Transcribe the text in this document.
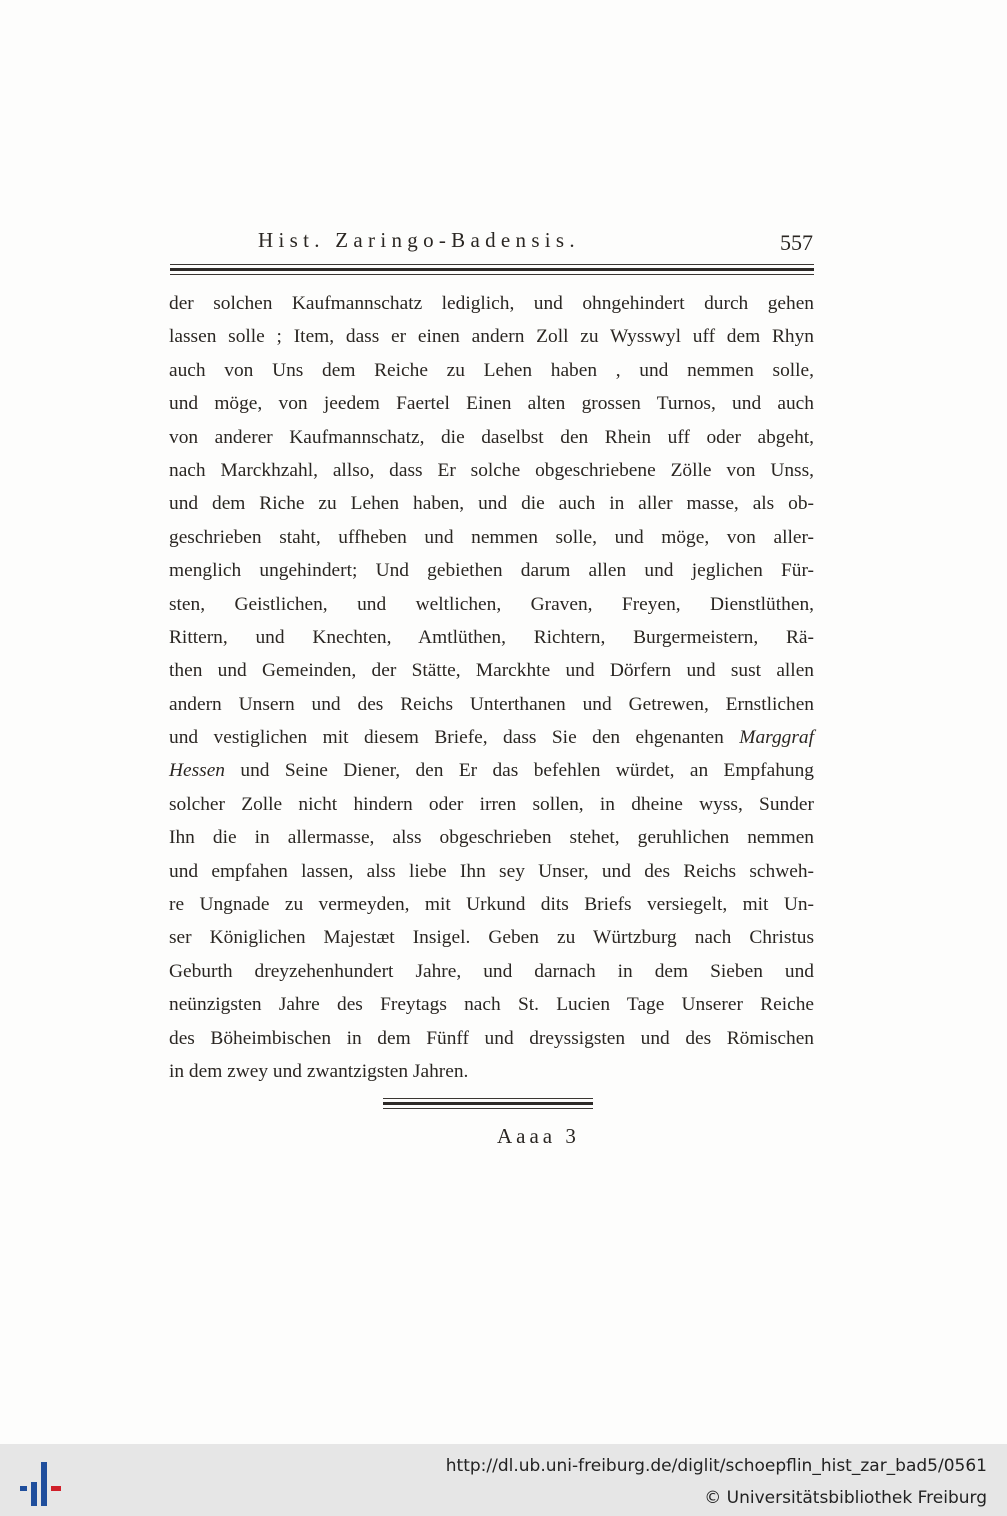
Hist. Zaringo-Badensis.	557
der solchen Kaufmannschatz lediglich, und ohngehindert durch gehen
lassen solle ; Item, dass er einen andern Zoll zu Wysswyl uff dem Rhyn
auch von Uns dem Reiche zu Lehen haben , und nemmen solle,
und möge, von jeedem Faertel Einen alten grossen Turnos, und auch
von anderer Kaufmannschatz, die daselbst den Rhein uff oder abgeht,
nach Marckhzahl, allso, dass Er solche obgeschriebene Zölle von Unss,
und dem Riche zu Lehen haben, und die auch in aller masse, als ob-
geschrieben staht, uffheben und nemmen solle, und möge, von aller-
menglich ungehindert; Und gebiethen darum allen und jeglichen Für-
sten, Geistlichen, und weltlichen, Graven, Freyen, Dienstlüthen,
Rittern, und Knechten, Amtlüthen, Richtern, Burgermeistern, Rä-
then und Gemeinden, der Stätte, Marckhte und Dörfern und sust allen
andern Unsern und des Reichs Unterthanen und Getrewen, Ernstlichen
und vestiglichen mit diesem Briefe, dass Sie den ehgenanten Marggraf
Hessen und Seine Diener, den Er das befehlen würdet, an Empfahung
solcher Zolle nicht hindern oder irren sollen, in dheine wyss, Sunder
Ihn die in allermasse, alss obgeschrieben stehet, geruhlichen nemmen
und empfahen lassen, alss liebe Ihn sey Unser, und des Reichs schweh-
re Ungnade zu vermeyden, mit Urkund dits Briefs versiegelt, mit Un-
ser Königlichen Majestæt Insigel. Geben zu Würtzburg nach Christus
Geburth dreyzehenhundert Jahre, und darnach in dem Sieben und
neünzigsten Jahre des Freytags nach St. Lucien Tage Unserer Reiche
des Böheimbischen in dem Fünff und dreyssigsten und des Römischen
in dem zwey und zwantzigsten Jahren.
Aaaa 3
http://dl.ub.uni-freiburg.de/diglit/schoepflin_hist_zar_bad5/0561
© Universitätsbibliothek Freiburg
